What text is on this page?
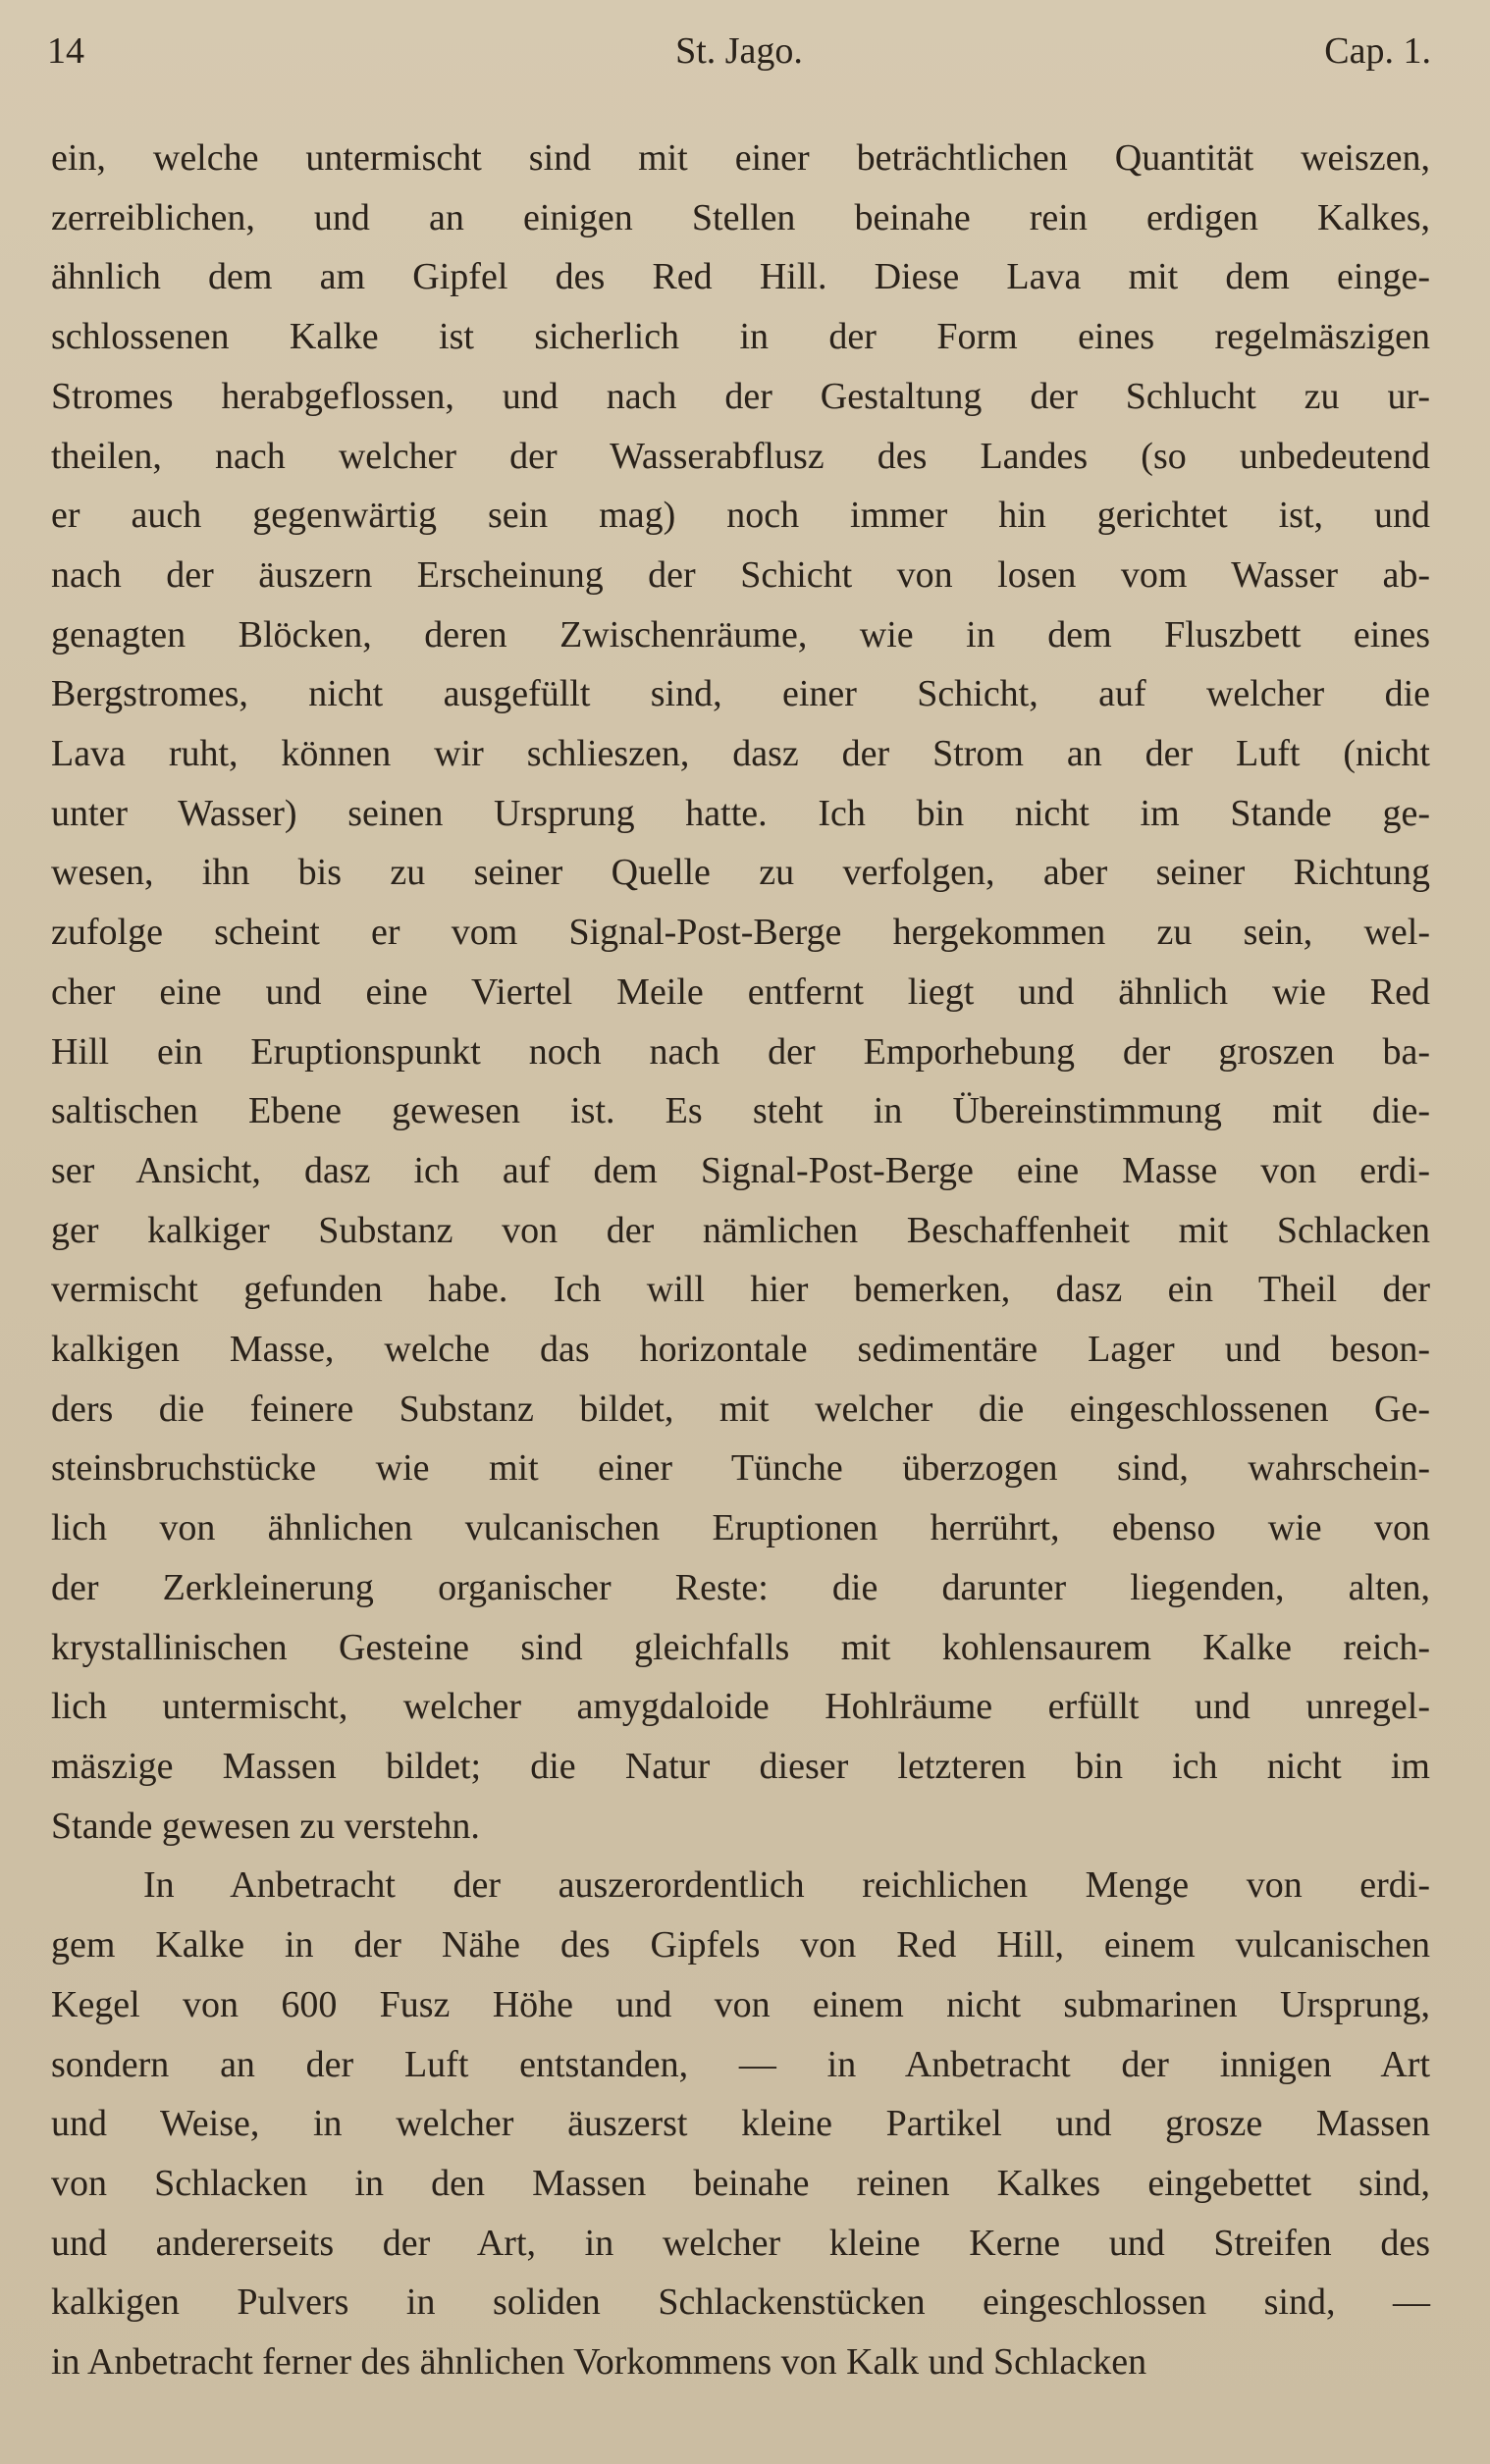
14	St. Jago.	Cap. 1.
ein, welche untermischt sind mit einer beträchtlichen Quantität weiszen,
zerreiblichen, und an einigen Stellen beinahe rein erdigen Kalkes,
ähnlich dem am Gipfel des Red Hill. Diese Lava mit dem einge-
schlossenen Kalke ist sicherlich in der Form eines regelmäszigen
Stromes herabgeflossen, und nach der Gestaltung der Schlucht zu ur-
theilen, nach welcher der Wasserabflusz des Landes (so unbedeutend
er auch gegenwärtig sein mag) noch immer hin gerichtet ist, und
nach der äuszern Erscheinung der Schicht von losen vom Wasser ab-
genagten Blöcken, deren Zwischenräume, wie in dem Fluszbett eines
Bergstromes, nicht ausgefüllt sind, einer Schicht, auf welcher die
Lava ruht, können wir schlieszen, dasz der Strom an der Luft (nicht
unter Wasser) seinen Ursprung hatte. Ich bin nicht im Stande ge-
wesen, ihn bis zu seiner Quelle zu verfolgen, aber seiner Richtung
zufolge scheint er vom Signal-Post-Berge hergekommen zu sein, wel-
cher eine und eine Viertel Meile entfernt liegt und ähnlich wie Red
Hill ein Eruptionspunkt noch nach der Emporhebung der groszen ba-
saltischen Ebene gewesen ist. Es steht in Übereinstimmung mit die-
ser Ansicht, dasz ich auf dem Signal-Post-Berge eine Masse von erdi-
ger kalkiger Substanz von der nämlichen Beschaffenheit mit Schlacken
vermischt gefunden habe. Ich will hier bemerken, dasz ein Theil der
kalkigen Masse, welche das horizontale sedimentäre Lager und beson-
ders die feinere Substanz bildet, mit welcher die eingeschlossenen Ge-
steinsbruchstücke wie mit einer Tünche überzogen sind, wahrschein-
lich von ähnlichen vulcanischen Eruptionen herrührt, ebenso wie von
der Zerkleinerung organischer Reste: die darunter liegenden, alten,
krystallinischen Gesteine sind gleichfalls mit kohlensaurem Kalke reich-
lich untermischt, welcher amygdaloide Hohlräume erfüllt und unregel-
mäszige Massen bildet; die Natur dieser letzteren bin ich nicht im
Stande gewesen zu verstehn.
In Anbetracht der auszerordentlich reichlichen Menge von erdi-
gem Kalke in der Nähe des Gipfels von Red Hill, einem vulcanischen
Kegel von 600 Fusz Höhe und von einem nicht submarinen Ursprung,
sondern an der Luft entstanden, — in Anbetracht der innigen Art
und Weise, in welcher äuszerst kleine Partikel und grosze Massen
von Schlacken in den Massen beinahe reinen Kalkes eingebettet sind,
und andererseits der Art, in welcher kleine Kerne und Streifen des
kalkigen Pulvers in soliden Schlackenstücken eingeschlossen sind, —
in Anbetracht ferner des ähnlichen Vorkommens von Kalk und Schlacken
